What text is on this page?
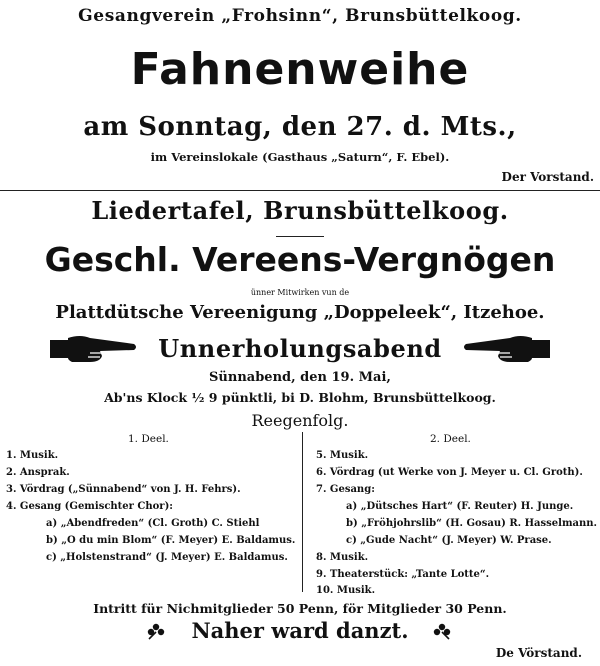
Gesangverein „Frohsinn“, Brunsbüttelkoog.
Fahnenweihe
am Sonntag, den 27. d. Mts.,
im Vereinslokale (Gasthaus „Saturn“, F. Ebel).
Der Vorstand.
Liedertafel, Brunsbüttelkoog.
Geschl. Vereens-Vergnögen
ünner Mitwirken vun de
Plattdütsche Vereenigung „Doppeleek“, Itzehoe.
Unnerholungsabend
Sünnabend, den 19. Mai,
Ab'ns Klock ½ 9 pünktli, bi D. Blohm, Brunsbüttelkoog.
Reegenfolg.
1. Deel.	2. Deel.
1. Musik.
2. Ansprak.
3. Vördrag („Sünnabend“ von J. H. Fehrs).
4. Gesang (Gemischter Chor):
a) „Abendfreden“ (Cl. Groth) C. Stiehl
b) „O du min Blom“ (F. Meyer) E. Baldamus.
c) „Holstenstrand“ (J. Meyer) E. Baldamus.
5. Musik.
6. Vördrag (ut Werke von J. Meyer u. Cl. Groth).
7. Gesang:
a) „Dütsches Hart“ (F. Reuter) H. Junge.
b) „Fröhjohrslib“ (H. Gosau) R. Hasselmann.
c) „Gude Nacht“ (J. Meyer) W. Prase.
8. Musik.
9. Theaterstück: „Tante Lotte“.
10. Musik.
Intritt für Nichmitglieder 50 Penn, för Mitglieder 30 Penn.
Naher ward danzt.
De Vörstand.
